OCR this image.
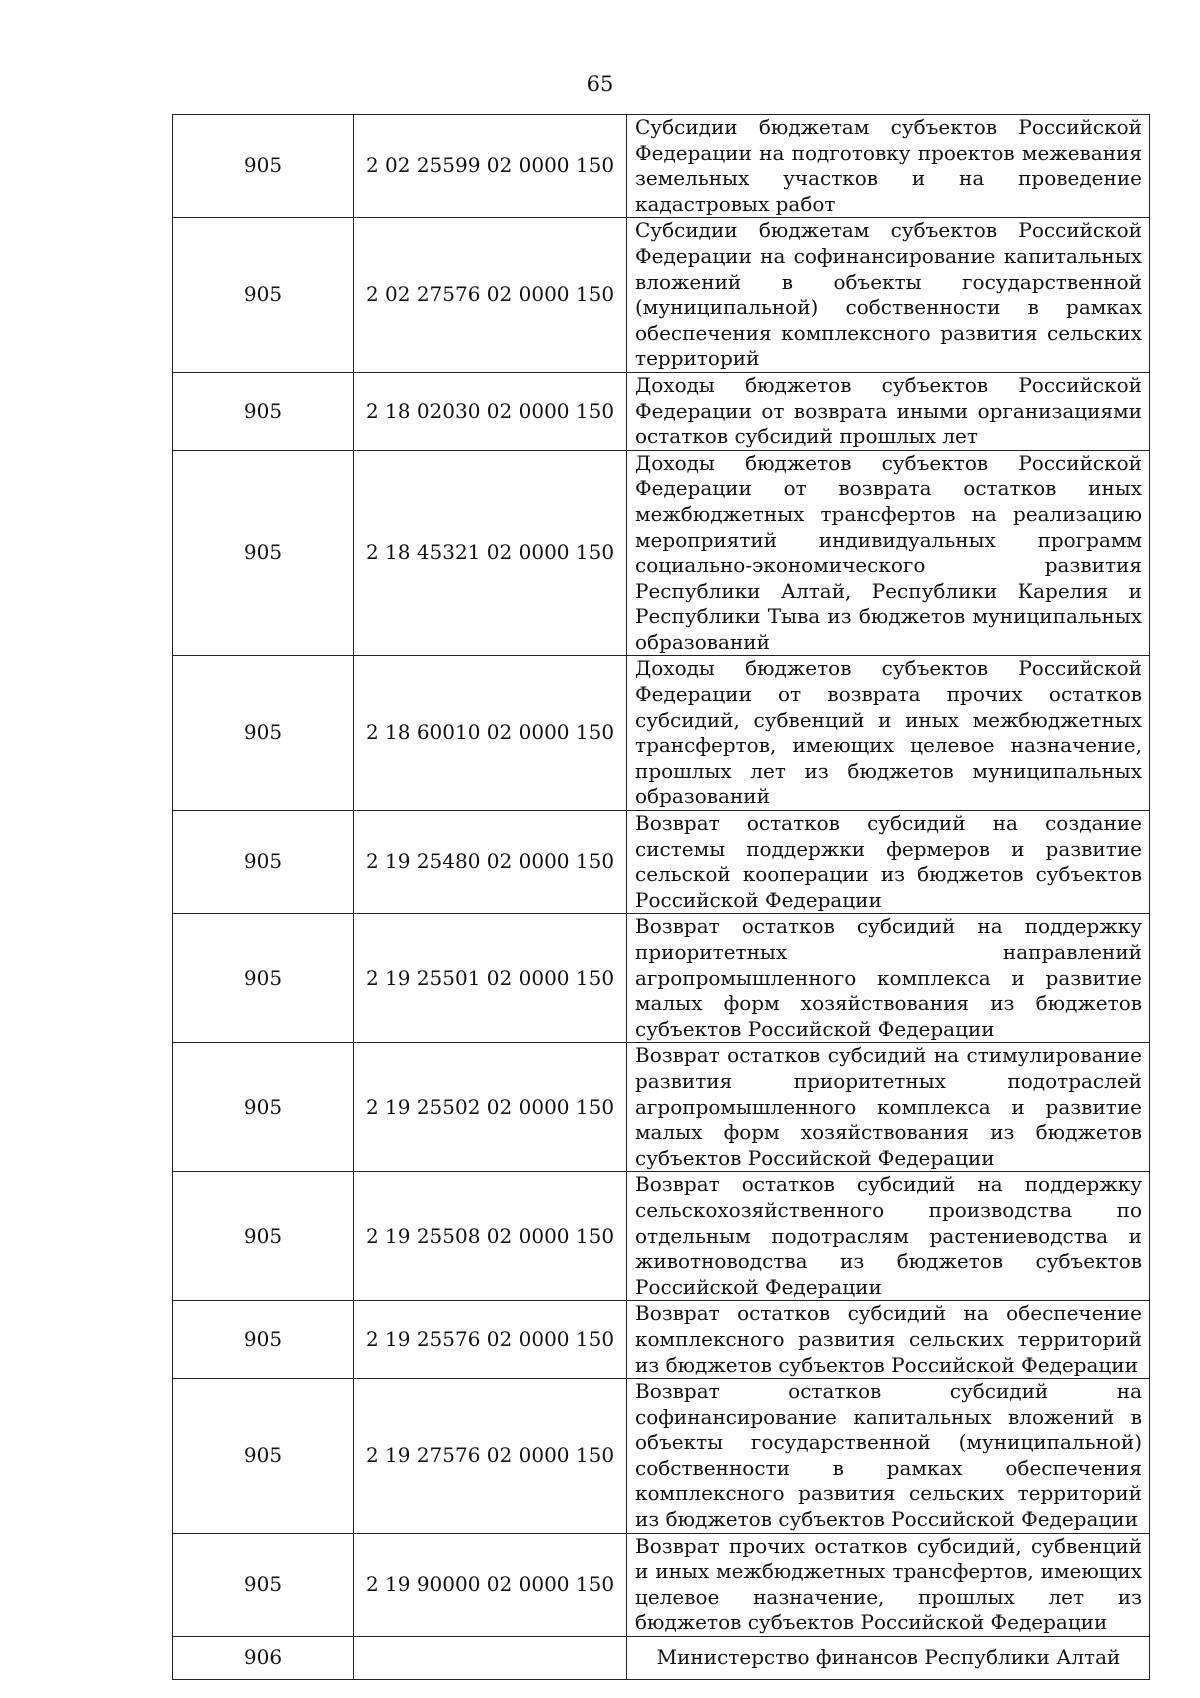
65
905	2 02 25599 02 0000 150	Субсидии бюджетам субъектов Российской Федерации на подготовку проектов межевания земельных участков и на проведение кадастровых работ
905	2 02 27576 02 0000 150	Субсидии бюджетам субъектов Российской Федерации на софинансирование капитальных вложений в объекты государственной (муниципальной) собственности в рамках обеспечения комплексного развития сельских территорий
905	2 18 02030 02 0000 150	Доходы бюджетов субъектов Российской Федерации от возврата иными организациями остатков субсидий прошлых лет
905	2 18 45321 02 0000 150	Доходы бюджетов субъектов Российской Федерации от возврата остатков иных межбюджетных трансфертов на реализацию мероприятий индивидуальных программ социально-экономического развития Республики Алтай, Республики Карелия и Республики Тыва из бюджетов муниципальных образований
905	2 18 60010 02 0000 150	Доходы бюджетов субъектов Российской Федерации от возврата прочих остатков субсидий, субвенций и иных межбюджетных трансфертов, имеющих целевое назначение, прошлых лет из бюджетов муниципальных образований
905	2 19 25480 02 0000 150	Возврат остатков субсидий на создание системы поддержки фермеров и развитие сельской кооперации из бюджетов субъектов Российской Федерации
905	2 19 25501 02 0000 150	Возврат остатков субсидий на поддержку приоритетных направлений агропромышленного комплекса и развитие малых форм хозяйствования из бюджетов субъектов Российской Федерации
905	2 19 25502 02 0000 150	Возврат остатков субсидий на стимулирование развития приоритетных подотраслей агропромышленного комплекса и развитие малых форм хозяйствования из бюджетов субъектов Российской Федерации
905	2 19 25508 02 0000 150	Возврат остатков субсидий на поддержку сельскохозяйственного производства по отдельным подотраслям растениеводства и животноводства из бюджетов субъектов Российской Федерации
905	2 19 25576 02 0000 150	Возврат остатков субсидий на обеспечение комплексного развития сельских территорий из бюджетов субъектов Российской Федерации
905	2 19 27576 02 0000 150	Возврат остатков субсидий на софинансирование капитальных вложений в объекты государственной (муниципальной) собственности в рамках обеспечения комплексного развития сельских территорий из бюджетов субъектов Российской Федерации
905	2 19 90000 02 0000 150	Возврат прочих остатков субсидий, субвенций и иных межбюджетных трансфертов, имеющих целевое назначение, прошлых лет из бюджетов субъектов Российской Федерации
906		Министерство финансов Республики Алтай
